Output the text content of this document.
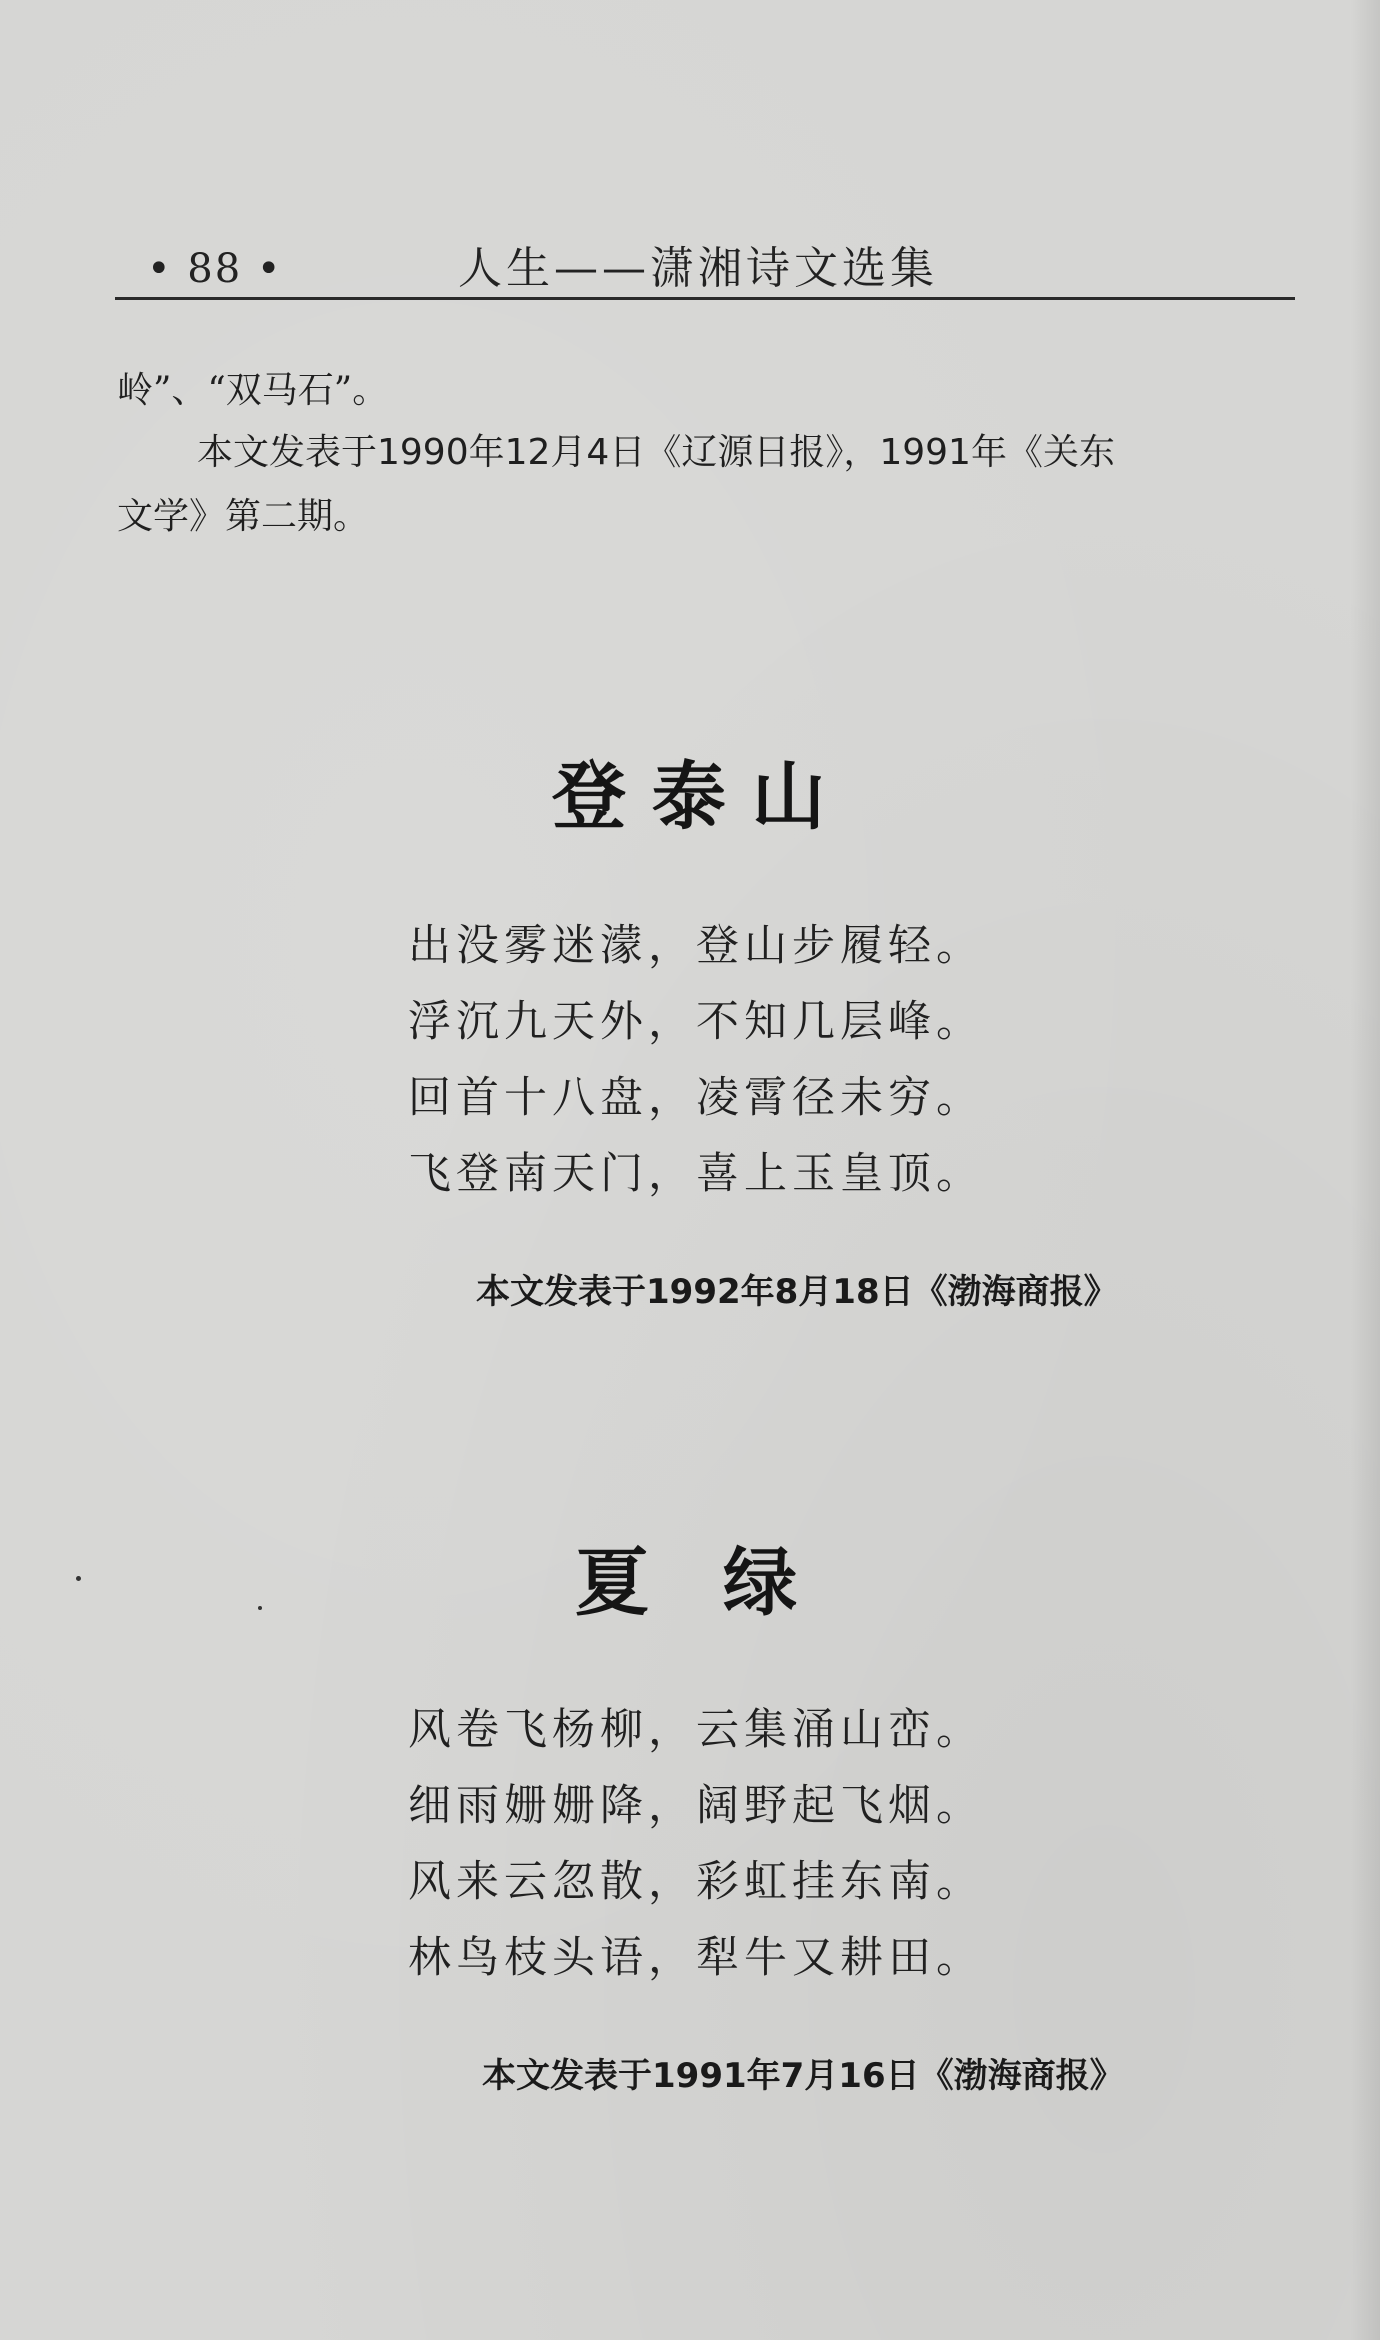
• 88 •	人生——潇湘诗文选集
岭”、“双马石”。
本文发表于1990年12月4日《辽源日报》，1991年《关东
文学》第二期。
登 泰 山
出没雾迷濛，登山步履轻。
浮沉九天外，不知几层峰。
回首十八盘，凌霄径未穷。
飞登南天门，喜上玉皇顶。
本文发表于1992年8月18日《渤海商报》
夏　绿
风卷飞杨柳，云集涌山峦。
细雨姗姗降，阔野起飞烟。
风来云忽散，彩虹挂东南。
林鸟枝头语，犁牛又耕田。
本文发表于1991年7月16日《渤海商报》
